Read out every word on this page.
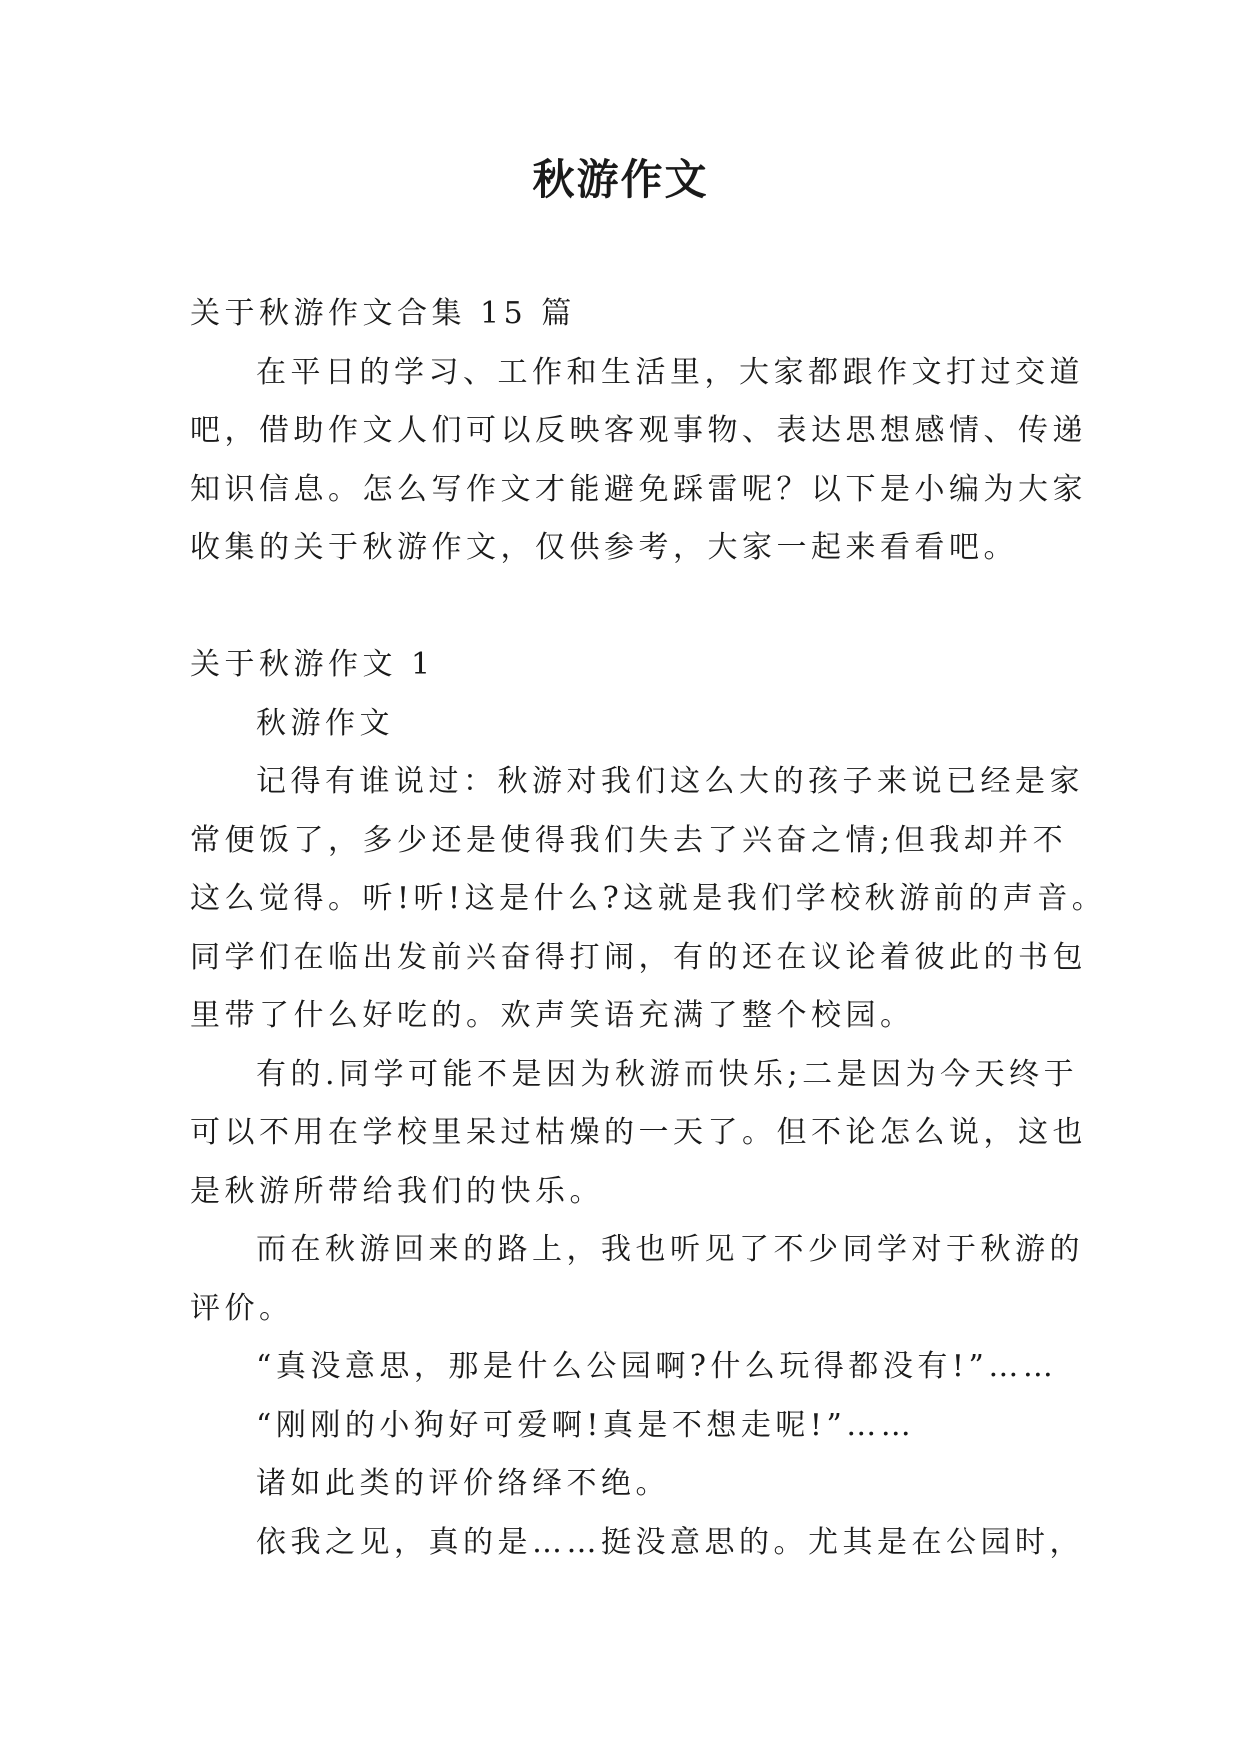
秋游作文

关于秋游作文合集 15 篇

在平日的学习、工作和生活里，大家都跟作文打过交道

吧，借助作文人们可以反映客观事物、表达思想感情、传递

知识信息。怎么写作文才能避免踩雷呢？以下是小编为大家

收集的关于秋游作文，仅供参考，大家一起来看看吧。

关于秋游作文 1

秋游作文

记得有谁说过：秋游对我们这么大的孩子来说已经是家

常便饭了，多少还是使得我们失去了兴奋之情;但我却并不

这么觉得。听!听!这是什么?这就是我们学校秋游前的声音。

同学们在临出发前兴奋得打闹，有的还在议论着彼此的书包

里带了什么好吃的。欢声笑语充满了整个校园。

有的.同学可能不是因为秋游而快乐;二是因为今天终于

可以不用在学校里呆过枯燥的一天了。但不论怎么说，这也

是秋游所带给我们的快乐。

而在秋游回来的路上，我也听见了不少同学对于秋游的

评价。

“真没意思，那是什么公园啊?什么玩得都没有!”……

“刚刚的小狗好可爱啊!真是不想走呢!”……

诸如此类的评价络绎不绝。

依我之见，真的是……挺没意思的。尤其是在公园时，
